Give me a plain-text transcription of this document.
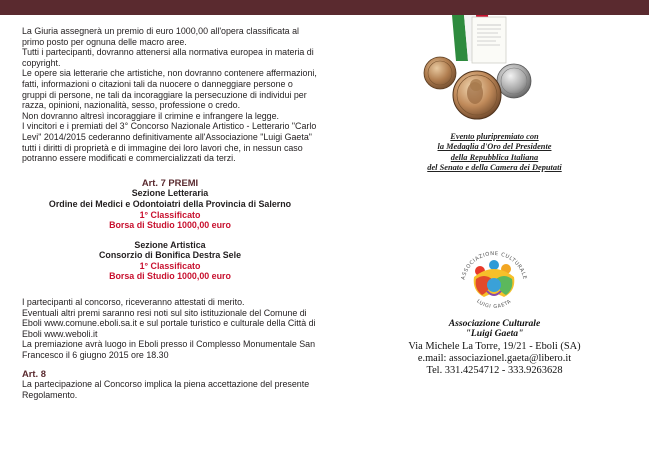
La Giuria assegnerà un premio di euro 1000,00 all'opera classificata al primo posto per ognuna delle macro aree.

Tutti i partecipanti, dovranno attenersi alla normativa europea in materia di copyright.

Le opere sia letterarie che artistiche, non dovranno contenere affermazioni, fatti, informazioni o citazioni tali da nuocere o danneggiare persone o gruppi di persone, ne tali da incoraggiare la persecuzione di individui per razza, opinioni, nazionalità, sesso, professione o credo.

Non dovranno altresì incoraggiare il crimine e infrangere la legge.

I vincitori e i premiati del 3° Concorso Nazionale Artistico - Letterario "Carlo Levi" 2014/2015 cederanno definitivamente all'Associazione "Luigi Gaeta" tutti i diritti di proprietà e di immagine dei loro lavori che, in nessun caso potranno essere modificati e commercializzati da terzi.

Art. 7 PREMI

Sezione Letteraria

Ordine dei Medici e Odontoiatri della Provincia di Salerno

1° Classificato

Borsa di Studio 1000,00 euro

Sezione Artistica

Consorzio di Bonifica Destra Sele

1° Classificato

Borsa di Studio 1000,00 euro

I partecipanti al concorso, riceveranno attestati di merito.

Eventuali altri premi saranno resi noti sul sito istituzionale del Comune di Eboli www.comune.eboli.sa.it e sul portale turistico e culturale della Città di Eboli www.weboli.it

La premiazione avrà luogo in Eboli presso il Complesso Monumentale San Francesco il 6 giugno 2015 ore 18.30

Art. 8

La partecipazione al Concorso implica la piena accettazione del presente Regolamento.

Evento pluripremiato con
la Medaglia d'Oro del Presidente
della Repubblica Italiana
del Senato e della Camera dei Deputati
ASSOCIAZIONE CULTURALE
LUIGI GAETA
Associazione Culturale
"Luigi Gaeta"
Via Michele La Torre, 19/21 - Eboli (SA)
e.mail: associazionel.gaeta@libero.it
Tel. 331.4254712 - 333.9263628
